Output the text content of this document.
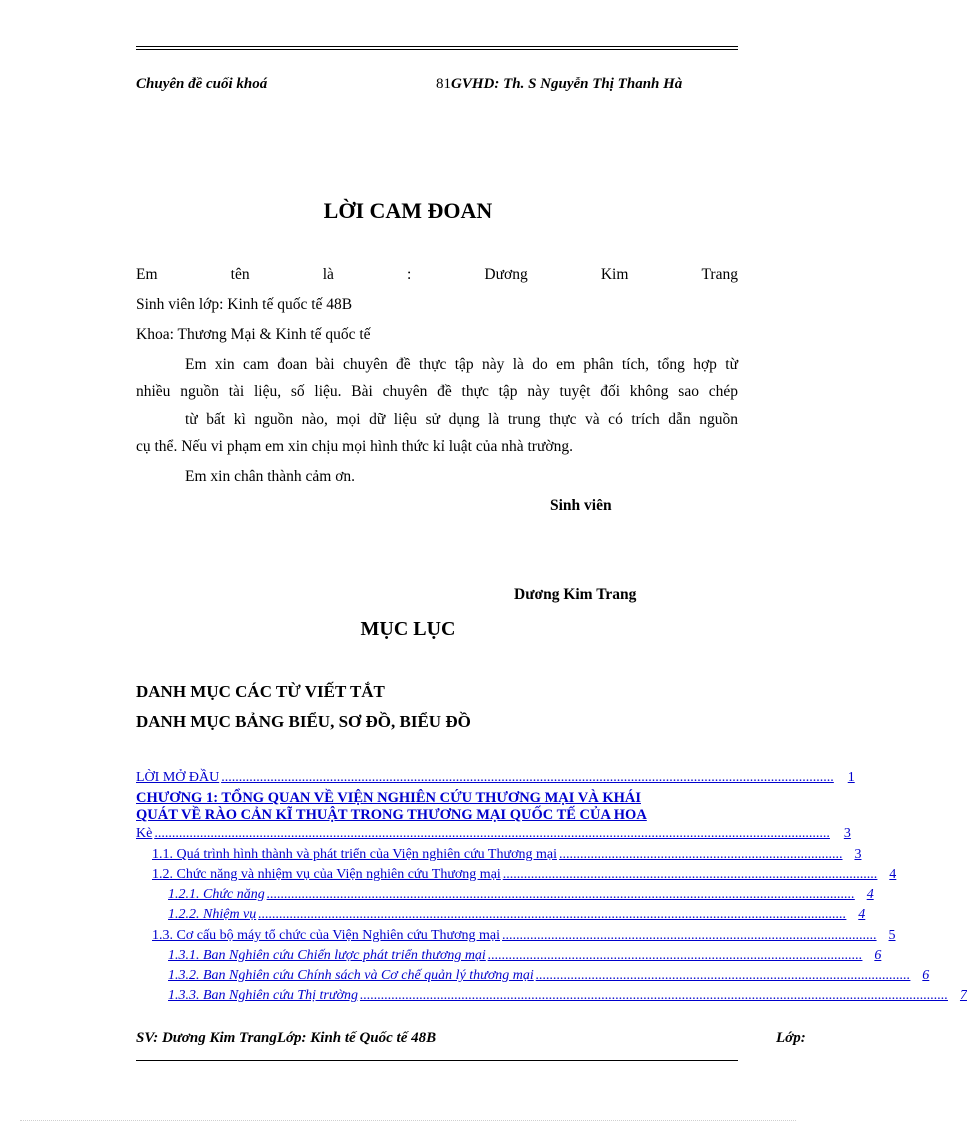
Chuyên đề cuối khoá	81GVHD: Th. S Nguyễn Thị Thanh Hà
LỜI CAM ĐOAN
Em	tên	là	:	Dương	Kim	Trang
Sinh viên lớp: Kinh tế quốc tế 48B
Khoa: Thương Mại & Kinh tế quốc tế
Em xin cam đoan bài chuyên đề thực tập này là do em phân tích, tổng hợp từ
nhiều nguồn tài liệu, số liệu. Bài chuyên đề thực tập này tuyệt đối không sao chép
từ bất kì nguồn nào, mọi dữ liệu sử dụng là trung thực và có trích dẫn nguồn
cụ thể. Nếu vi phạm em xin chịu mọi hình thức kỉ luật của nhà trường.
Em xin chân thành cảm ơn.
Sinh viên
Dương Kim Trang
MỤC LỤC
DANH MỤC CÁC TỪ VIẾT TẮT
DANH MỤC BẢNG BIỂU, SƠ ĐỒ, BIỂU ĐỒ
LỜI MỞ ĐẦU ............................................................................................................................................................................... 1
CHƯƠNG 1: TỔNG QUAN VỀ VIỆN NGHIÊN CỨU THƯƠNG MẠI VÀ KHÁI
QUÁT VỀ RÀO CẢN KĨ THUẬT TRONG THƯƠNG MẠI QUỐC TẾ CỦA HOA
Kè ................................................................................................................................................................................................. 3
1.1. Quá trình hình thành và phát triển của Viện nghiên cứu Thương mại ................................................................................. 3
1.2. Chức năng và nhiệm vụ của Viện nghiên cứu Thương mại ........................................................................................................... 4
1.2.1. Chức năng ........................................................................................................................................................................ 4
1.2.2. Nhiệm vụ ........................................................................................................................................................................ 4
1.3. Cơ cấu bộ máy tổ chức của Viện Nghiên cứu Thương mại ........................................................................................................... 5
1.3.1. Ban Nghiên cứu Chiến lược phát triển thương mại ........................................................................................................... 6
1.3.2. Ban Nghiên cứu Chính sách và Cơ chế quản lý thương mại ........................................................................................................... 6
1.3.3. Ban Nghiên cứu Thị trường ........................................................................................................................................................................ 7
SV: Dương Kim TrangLớp: Kinh tế Quốc tế 48B	Lớp:
